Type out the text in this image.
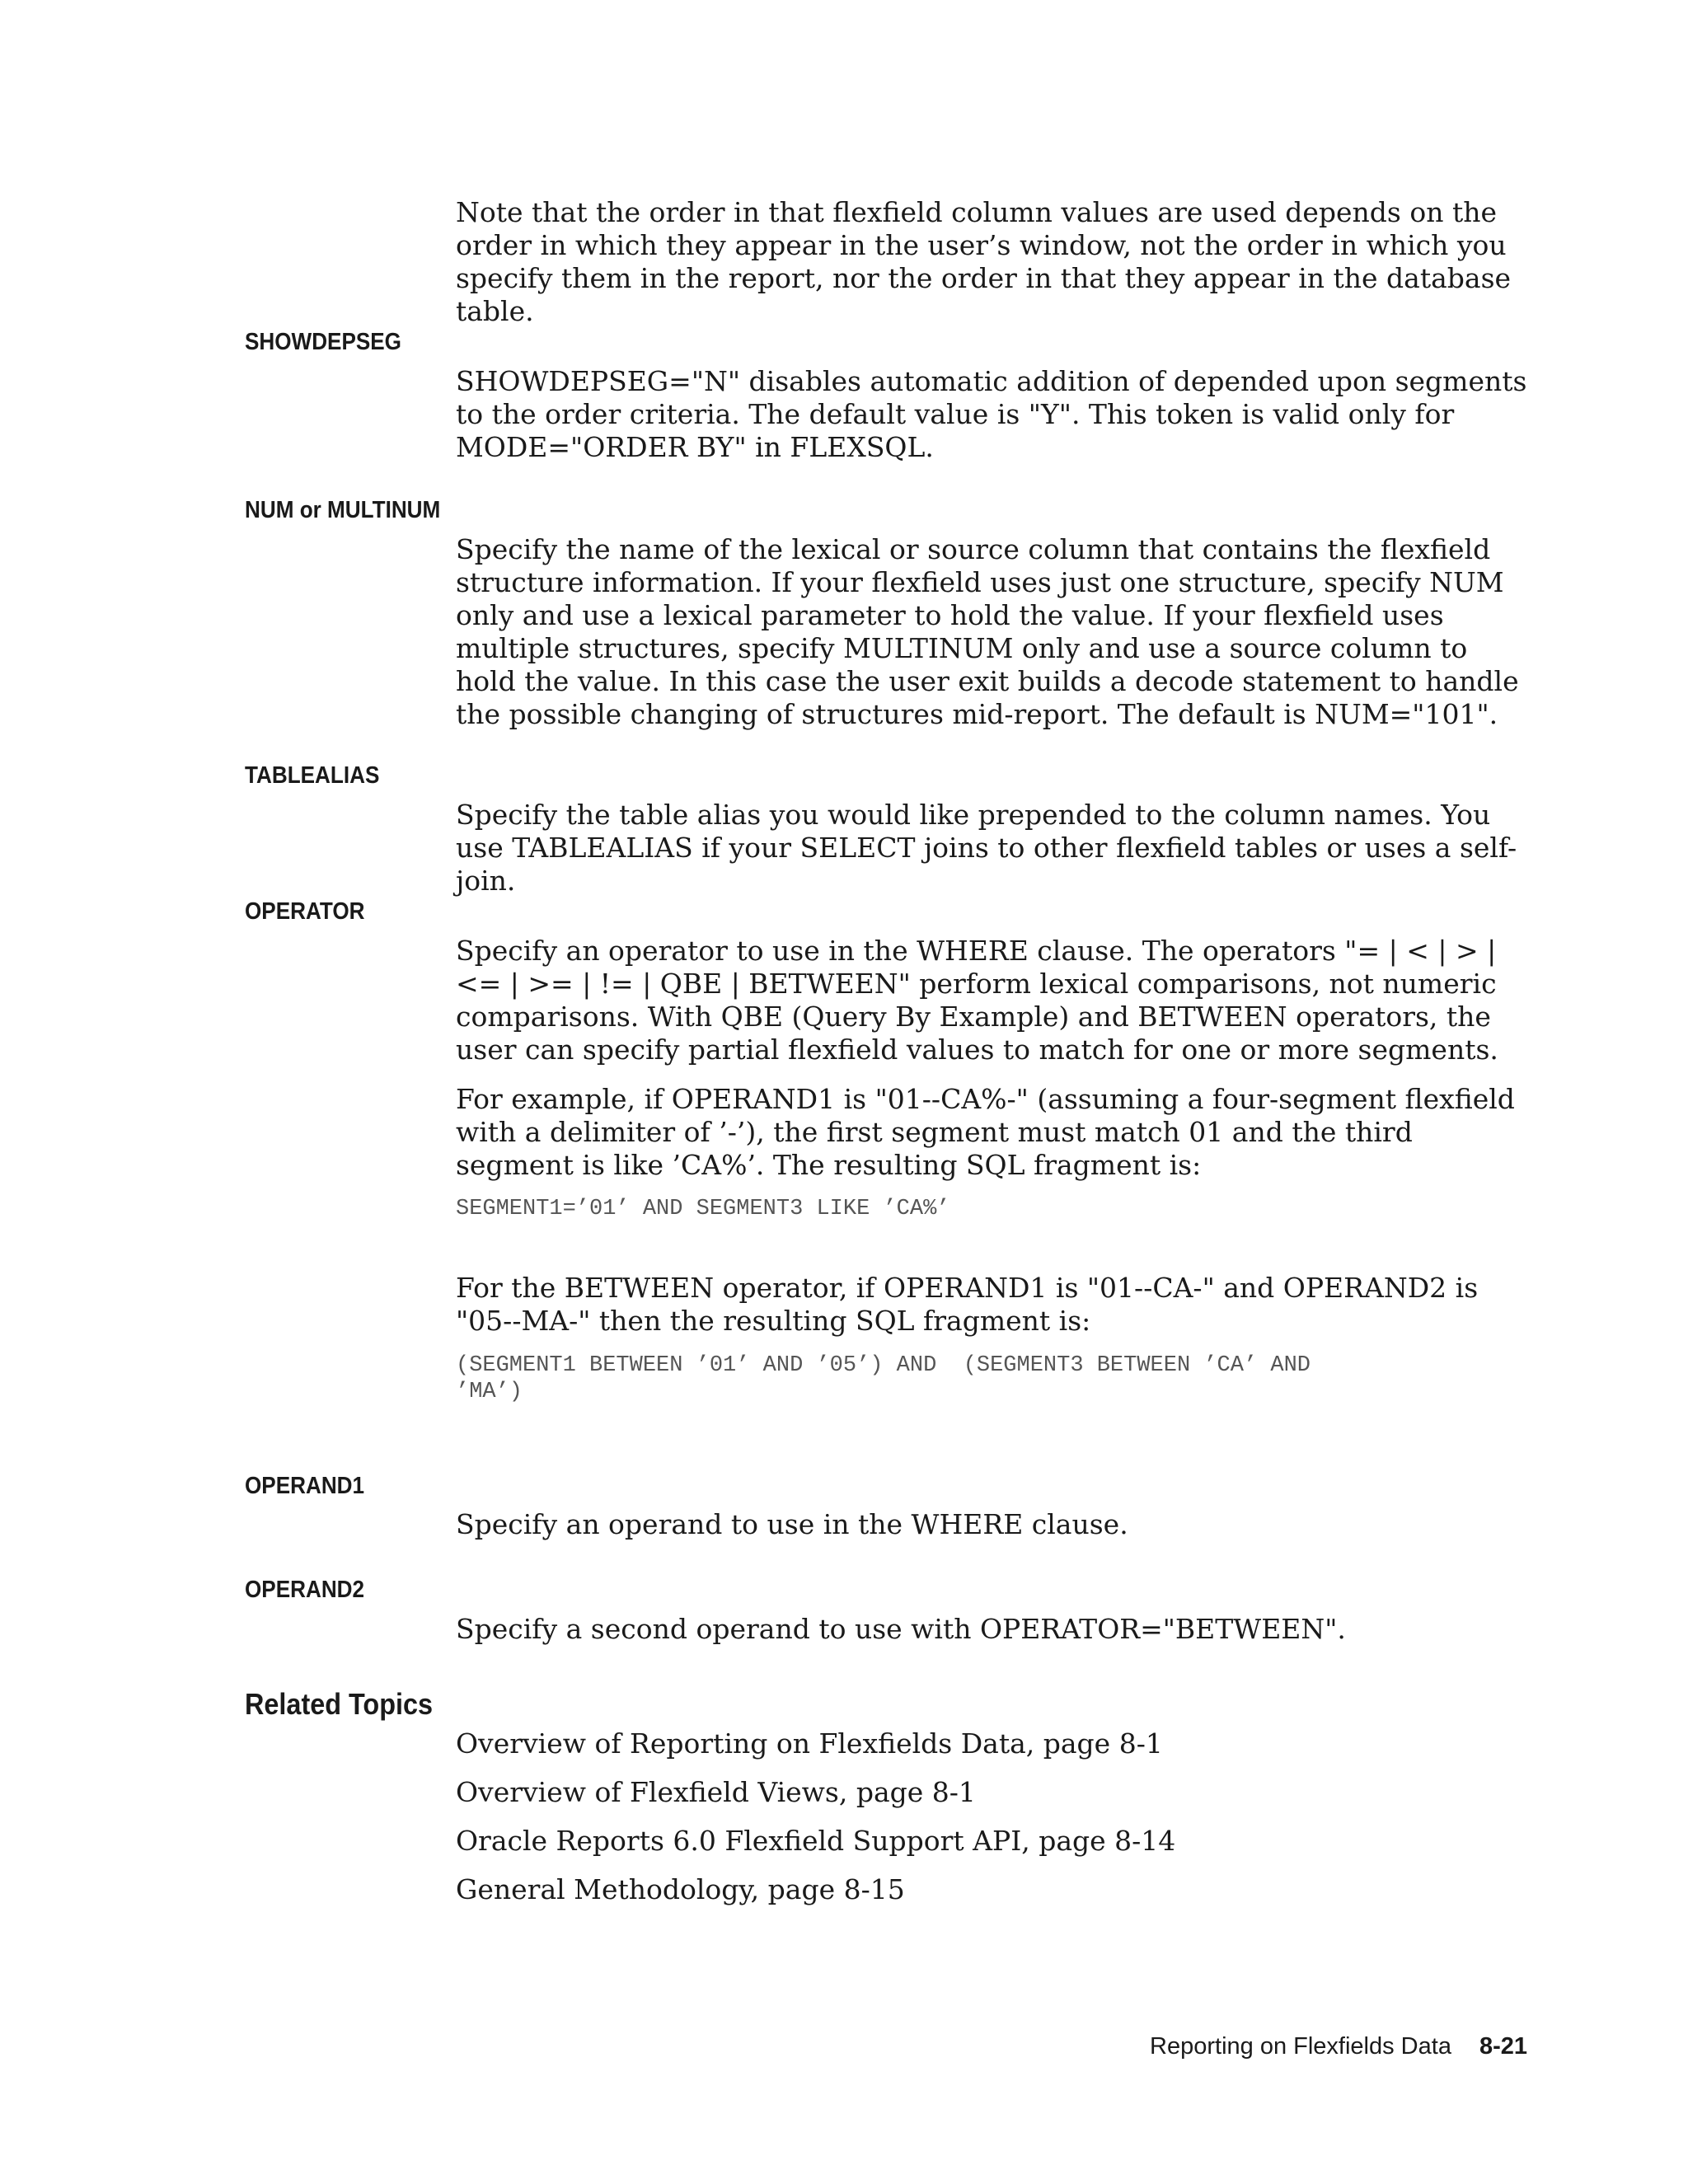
Note that the order in that flexfield column values are used depends on the order in which they appear in the user’s window, not the order in which you specify them in the report, nor the order in that they appear in the database table.
SHOWDEPSEG
SHOWDEPSEG="N" disables automatic addition of depended upon segments to the order criteria. The default value is "Y". This token is valid only for MODE="ORDER BY" in FLEXSQL.
NUM or MULTINUM
Specify the name of the lexical or source column that contains the flexfield structure information. If your flexfield uses just one structure, specify NUM only and use a lexical parameter to hold the value. If your flexfield uses multiple structures, specify MULTINUM only and use a source column to hold the value. In this case the user exit builds a decode statement to handle the possible changing of structures mid-report. The default is NUM="101".
TABLEALIAS
Specify the table alias you would like prepended to the column names. You use TABLEALIAS if your SELECT joins to other flexfield tables or uses a self-join.
OPERATOR
Specify an operator to use in the WHERE clause. The operators "= | < | > | <= | >= | != | QBE | BETWEEN" perform lexical comparisons, not numeric comparisons. With QBE (Query By Example) and BETWEEN operators, the user can specify partial flexfield values to match for one or more segments.
For example, if OPERAND1 is "01--CA%-" (assuming a four-segment flexfield with a delimiter of ’-’), the first segment must match 01 and the third segment is like ’CA%’. The resulting SQL fragment is:
SEGMENT1=’01’ AND SEGMENT3 LIKE ’CA%’
For the BETWEEN operator, if OPERAND1 is "01--CA-" and OPERAND2 is "05--MA-" then the resulting SQL fragment is:
(SEGMENT1 BETWEEN ’01’ AND ’05’) AND  (SEGMENT3 BETWEEN ’CA’ AND
’MA’)
OPERAND1
Specify an operand to use in the WHERE clause.
OPERAND2
Specify a second operand to use with OPERATOR="BETWEEN".
Related Topics
Overview of Reporting on Flexfields Data, page 8-1
Overview of Flexfield Views, page 8-1
Oracle Reports 6.0 Flexfield Support API, page 8-14
General Methodology, page 8-15
Reporting on Flexfields Data 8-21
